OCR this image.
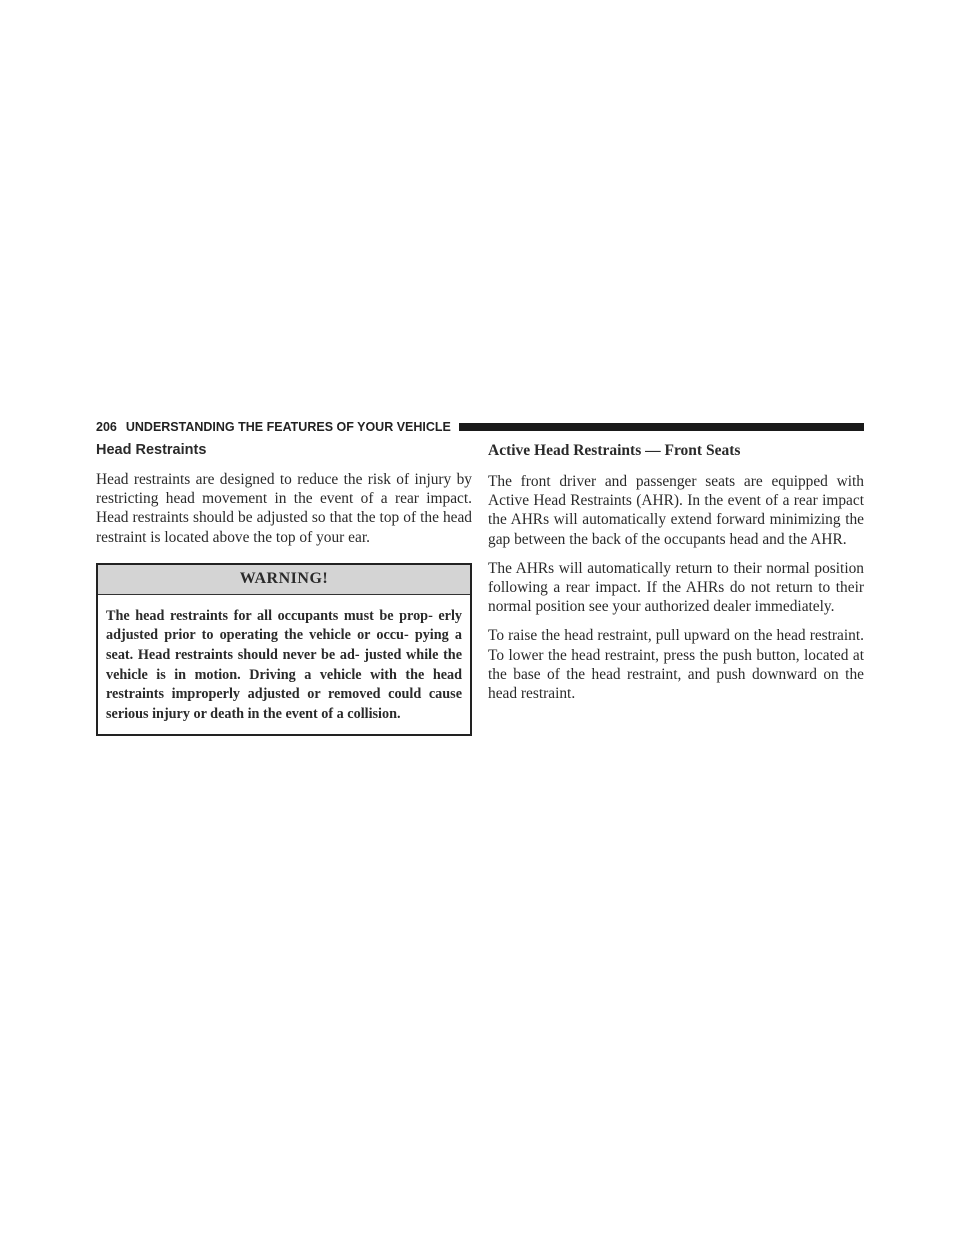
206 UNDERSTANDING THE FEATURES OF YOUR VEHICLE
Head Restraints

Head restraints are designed to reduce the risk of injury by restricting head movement in the event of a rear impact. Head restraints should be adjusted so that the top of the head restraint is located above the top of your ear.

WARNING!
The head restraints for all occupants must be prop- erly adjusted prior to operating the vehicle or occu- pying a seat. Head restraints should never be ad- justed while the vehicle is in motion. Driving a vehicle with the head restraints improperly adjusted or removed could cause serious injury or death in the event of a collision.
Active Head Restraints — Front Seats

The front driver and passenger seats are equipped with Active Head Restraints (AHR). In the event of a rear impact the AHRs will automatically extend forward minimizing the gap between the back of the occupants head and the AHR.

The AHRs will automatically return to their normal position following a rear impact. If the AHRs do not return to their normal position see your authorized dealer immediately.

To raise the head restraint, pull upward on the head restraint. To lower the head restraint, press the push button, located at the base of the head restraint, and push downward on the head restraint.
